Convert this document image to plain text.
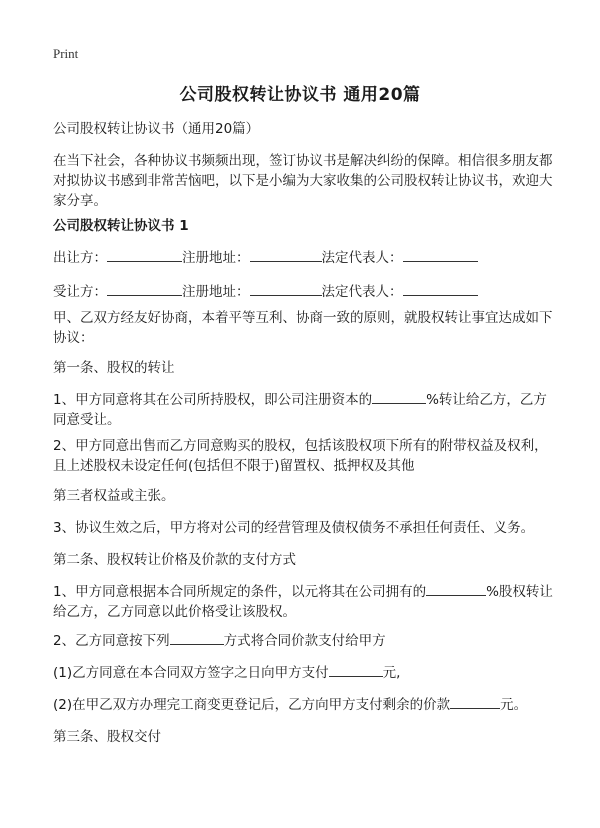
Print
公司股权转让协议书 通用20篇

公司股权转让协议书（通用20篇）

在当下社会，各种协议书频频出现，签订协议书是解决纠纷的保障。相信很多朋友都对拟协议书感到非常苦恼吧，以下是小编为大家收集的公司股权转让协议书，欢迎大家分享。

公司股权转让协议书 1

出让方：	注册地址：	法定代表人：

受让方：	注册地址：	法定代表人：

甲、乙双方经友好协商，本着平等互利、协商一致的原则，就股权转让事宜达成如下协议：

第一条、股权的转让

1、甲方同意将其在公司所持股权，即公司注册资本的	%转让给乙方，乙方同意受让。

2、甲方同意出售而乙方同意购买的股权，包括该股权项下所有的附带权益及权利，且上述股权未设定任何(包括但不限于)留置权、抵押权及其他

第三者权益或主张。

3、协议生效之后，甲方将对公司的经营管理及债权债务不承担任何责任、义务。

第二条、股权转让价格及价款的支付方式

1、甲方同意根据本合同所规定的条件，以元将其在公司拥有的	%股权转让给乙方，乙方同意以此价格受让该股权。

2、乙方同意按下列	方式将合同价款支付给甲方

(1)乙方同意在本合同双方签字之日向甲方支付	元,

(2)在甲乙双方办理完工商变更登记后，乙方向甲方支付剩余的价款	元。

第三条、股权交付
